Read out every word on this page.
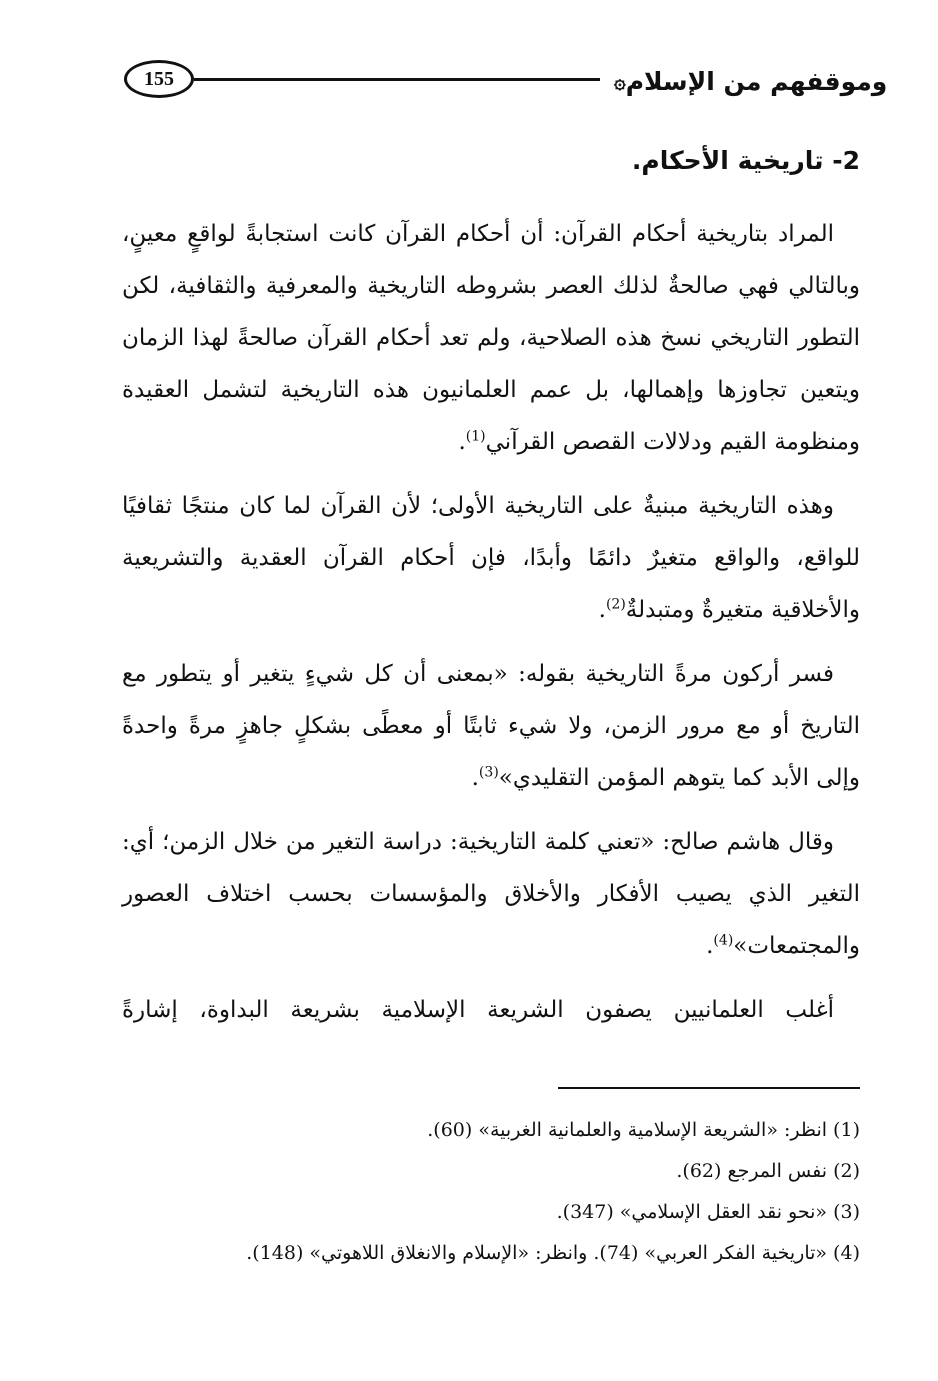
155	وموقفهم من الإسلام
۞
2- تاريخية الأحكام.

المراد بتاريخية أحكام القرآن: أن أحكام القرآن كانت استجابةً لواقعٍ معينٍ، وبالتالي فهي صالحةٌ لذلك العصر بشروطه التاريخية والمعرفية والثقافية، لكن التطور التاريخي نسخ هذه الصلاحية، ولم تعد أحكام القرآن صالحةً لهذا الزمان ويتعين تجاوزها وإهمالها، بل عمم العلمانيون هذه التاريخية لتشمل العقيدة ومنظومة القيم ودلالات القصص القرآني$^{(1)}$.

وهذه التاريخية مبنيةٌ على التاريخية الأولى؛ لأن القرآن لما كان منتجًا ثقافيًا للواقع، والواقع متغيرٌ دائمًا وأبدًا، فإن أحكام القرآن العقدية والتشريعية والأخلاقية متغيرةٌ ومتبدلةٌ$^{(2)}$.

فسر أركون مرةً التاريخية بقوله: «بمعنى أن كل شيءٍ يتغير أو يتطور مع التاريخ أو مع مرور الزمن، ولا شيء ثابتًا أو معطًى بشكلٍ جاهزٍ مرةً واحدةً وإلى الأبد كما يتوهم المؤمن التقليدي»$^{(3)}$.

وقال هاشم صالح: «تعني كلمة التاريخية: دراسة التغير من خلال الزمن؛ أي: التغير الذي يصيب الأفكار والأخلاق والمؤسسات بحسب اختلاف العصور والمجتمعات»$^{(4)}$.

أغلب العلمانيين يصفون الشريعة الإسلامية بشريعة البداوة، إشارةً

(1) انظر: «الشريعة الإسلامية والعلمانية الغربية» (60).
(2) نفس المرجع (62).
(3) «نحو نقد العقل الإسلامي» (347).
(4) «تاريخية الفكر العربي» (74). وانظر: «الإسلام والانغلاق اللاهوتي» (148).
